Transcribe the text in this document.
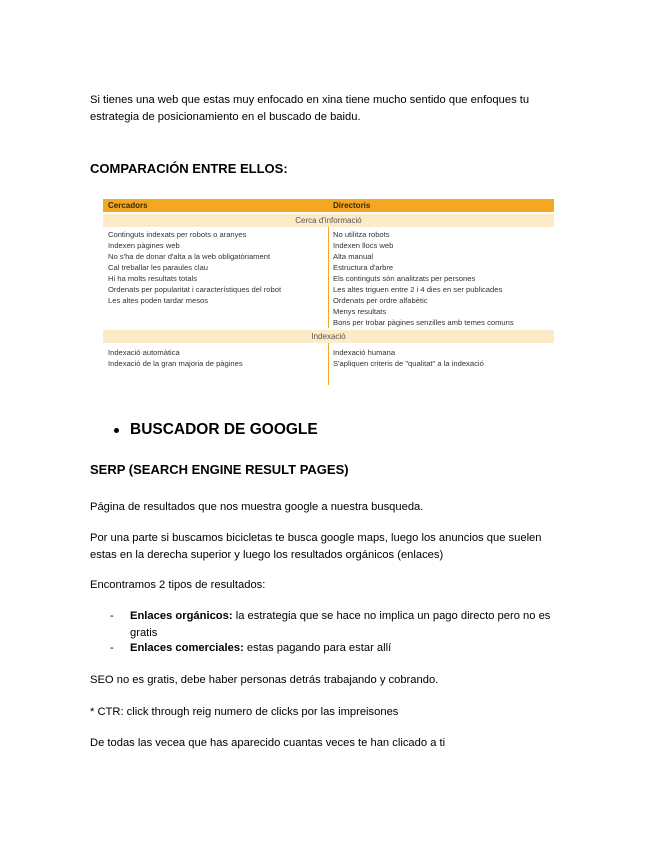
Si tienes una web que estas muy enfocado en xina tiene mucho sentido que enfoques tu estrategia de posicionamiento en el buscado de baidu.
COMPARACIÓN ENTRE ELLOS:
Cercadors	Directoris
Cerca d'informació
Continguts indexats per robots o aranyes
Indexen pàgines web
No s'ha de donar d'alta a la web obligatòriament
Cal treballar les paraules clau
Hi ha molts resultats totals
Ordenats per popularitat i característiques del robot
Les altes poden tardar mesos
No utilitza robots
Indexen llocs web
Alta manual
Estructura d'arbre
Els continguts són analitzats per persones
Les altes triguen entre 2 i 4 dies en ser publicades
Ordenats per ordre alfabètic
Menys resultats
Bons per trobar pàgines senzilles amb temes comuns
Indexació
Indexació automàtica
Indexació de la gran majoria de pàgines
Indexació humana
S'apliquen criteris de "qualitat" a la indexació
BUSCADOR DE GOOGLE
SERP (SEARCH ENGINE RESULT PAGES)
Página de resultados que nos muestra google a nuestra busqueda.
Por una parte si buscamos bicicletas te busca google maps, luego los anuncios que suelen estas en la derecha superior y luego los resultados orgánicos (enlaces)
Encontramos 2 tipos de resultados:
- Enlaces orgánicos: la estrategia que se hace no implica un pago directo pero no es gratis
- Enlaces comerciales: estas pagando para estar allí
SEO no es gratis, debe haber personas detrás trabajando y cobrando.
* CTR: click through reig numero de clicks por las impreisones
De todas las vecea que has aparecido cuantas veces te han clicado a ti
